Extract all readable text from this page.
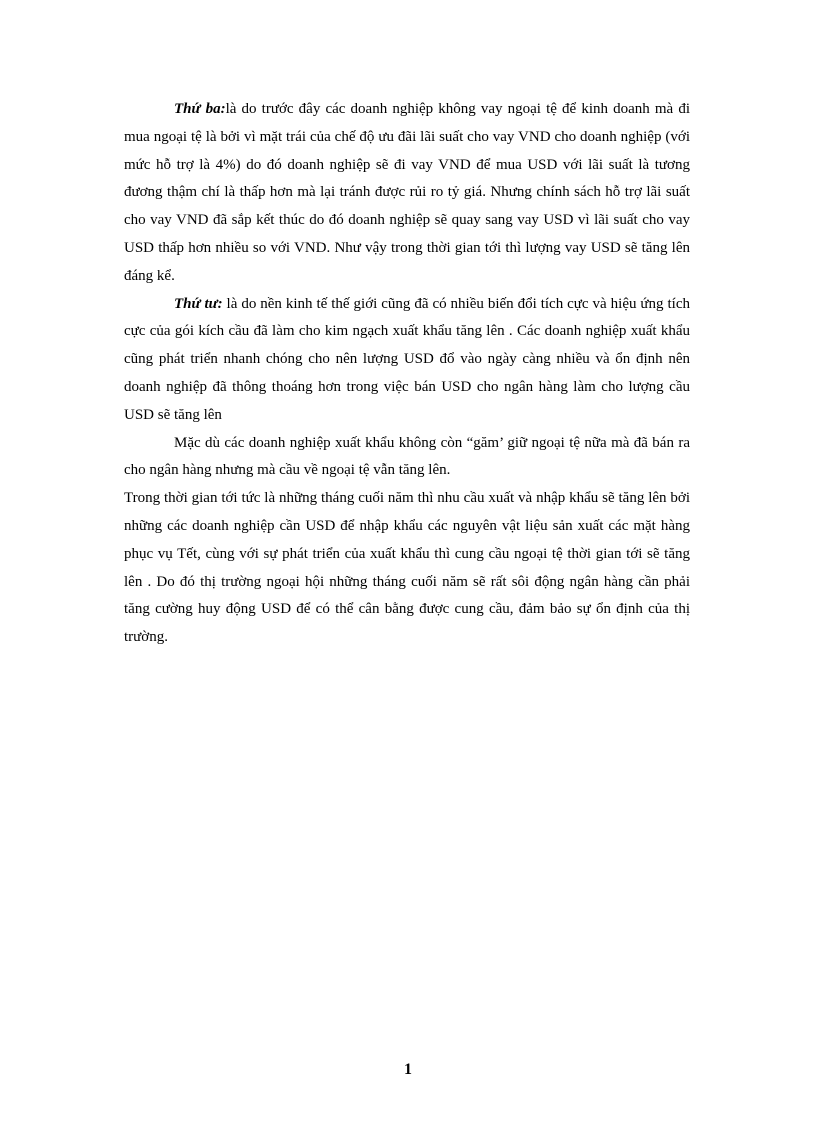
Thứ ba:là do trước đây các doanh nghiệp không vay ngoại tệ để kinh doanh mà đi mua ngoại tệ là bởi vì mặt trái của chế độ ưu đãi lãi suất cho vay VND cho doanh nghiệp (với mức hỗ trợ là 4%) do đó doanh nghiệp sẽ đi vay VND để mua USD với lãi suất là tương đương thậm chí là thấp hơn mà lại tránh được rủi ro tỷ giá. Nhưng chính sách hỗ trợ lãi suất cho vay VND đã sắp kết thúc do đó doanh nghiệp sẽ quay sang vay USD vì lãi suất cho vay USD thấp hơn nhiều so với VND. Như vậy trong thời gian tới thì lượng vay USD sẽ tăng lên đáng kể.

Thứ tư: là do nền kinh tế thế giới cũng đã có nhiều biến đổi tích cực và hiệu ứng tích cực của gói kích cầu đã làm cho kim ngạch xuất khẩu tăng lên . Các doanh nghiệp xuất khẩu cũng phát triển nhanh chóng cho nên lượng USD đổ vào ngày càng nhiều và ổn định nên doanh nghiệp đã thông thoáng hơn trong việc bán USD cho ngân hàng làm cho lượng cầu USD sẽ tăng lên

Mặc dù các doanh nghiệp xuất khẩu không còn “găm’ giữ ngoại tệ nữa mà đã bán ra cho ngân hàng nhưng mà cầu về ngoại tệ vẫn tăng lên.

Trong thời gian tới tức là những tháng cuối năm thì nhu cầu xuất và nhập khẩu sẽ tăng lên bởi những các doanh nghiệp cần USD để nhập khẩu các nguyên vật liệu sản xuất các mặt hàng phục vụ Tết, cùng với sự phát triển của xuất khẩu thì cung cầu ngoại tệ thời gian tới sẽ tăng lên . Do đó thị trường ngoại hội những tháng cuối năm sẽ rất sôi động ngân hàng cần phải tăng cường huy động USD để có thể cân bằng được cung cầu, đảm bảo sự ổn định của thị trường.

1
